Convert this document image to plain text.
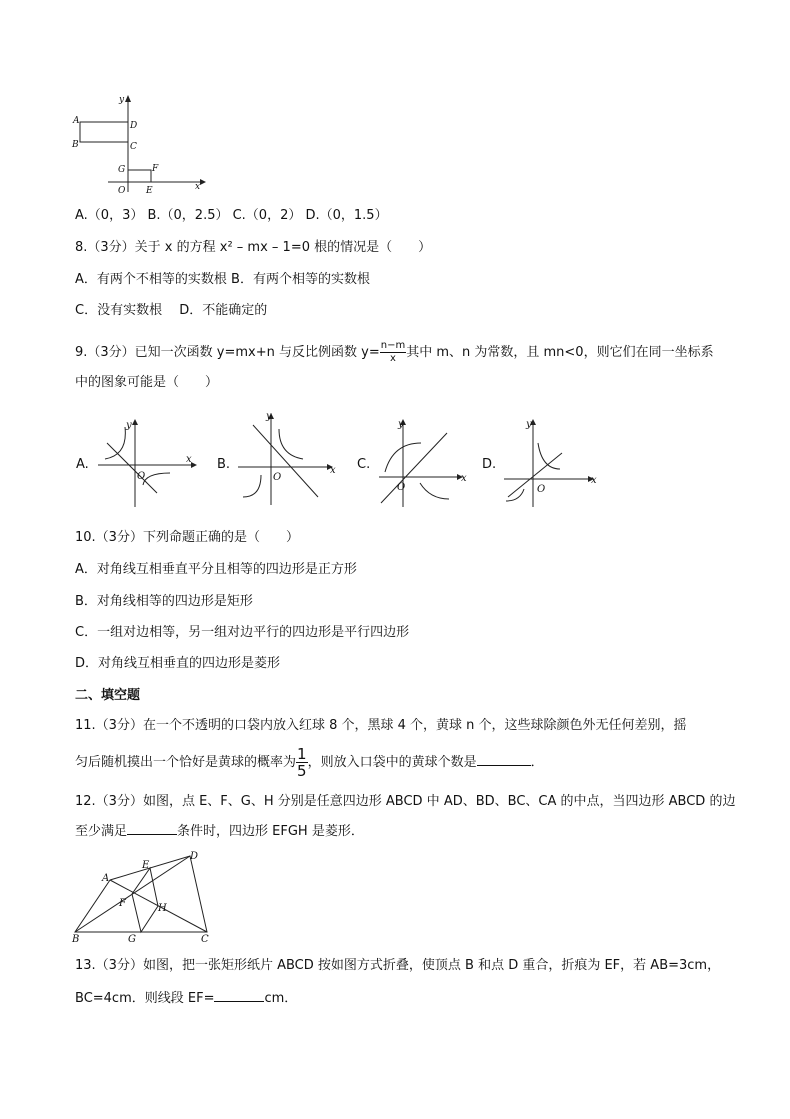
y
x
A
B
D
C
G	F
O E
A.（0，3） B.（0，2.5） C.（0，2） D.（0，1.5）
8.（3分）关于 x 的方程 x² – mx – 1=0 根的情况是（　　）
A．有两个不相等的实数根 B．有两个相等的实数根
C．没有实数根　 D．不能确定的
9.（3分）已知一次函数 y=mx+n 与反比例函数 $y= \frac{n-m}{x}$ 其中 m、n 为常数，且 mn<0，则它们在同一坐标系
中的图象可能是（　　）
A.	x
y
O
B.	x
y
O
C.
x
y
O
D.
x
y
O
10.（3分）下列命题正确的是（　　）
A．对角线互相垂直平分且相等的四边形是正方形
B．对角线相等的四边形是矩形
C．一组对边相等，另一组对边平行的四边形是平行四边形
D．对角线互相垂直的四边形是菱形
二、填空题
11.（3分）在一个不透明的口袋内放入红球 8 个，黑球 4 个，黄球 n 个，这些球除颜色外无任何差别，摇
匀后随机摸出一个恰好是黄球的概率为 $\frac{1}{5}$ ，则放入口袋中的黄球个数是	．
12.（3分）如图，点 E、F、G、H 分别是任意四边形 ABCD 中 AD、BD、BC、CA 的中点，当四边形 ABCD 的边
至少满足	条件时，四边形 EFGH 是菱形．
D
E
A
F	H
B	G	C
13.（3分）如图，把一张矩形纸片 ABCD 按如图方式折叠，使顶点 B 和点 D 重合，折痕为 EF，若 AB=3cm，
BC=4cm．则线段 EF=	cm．
